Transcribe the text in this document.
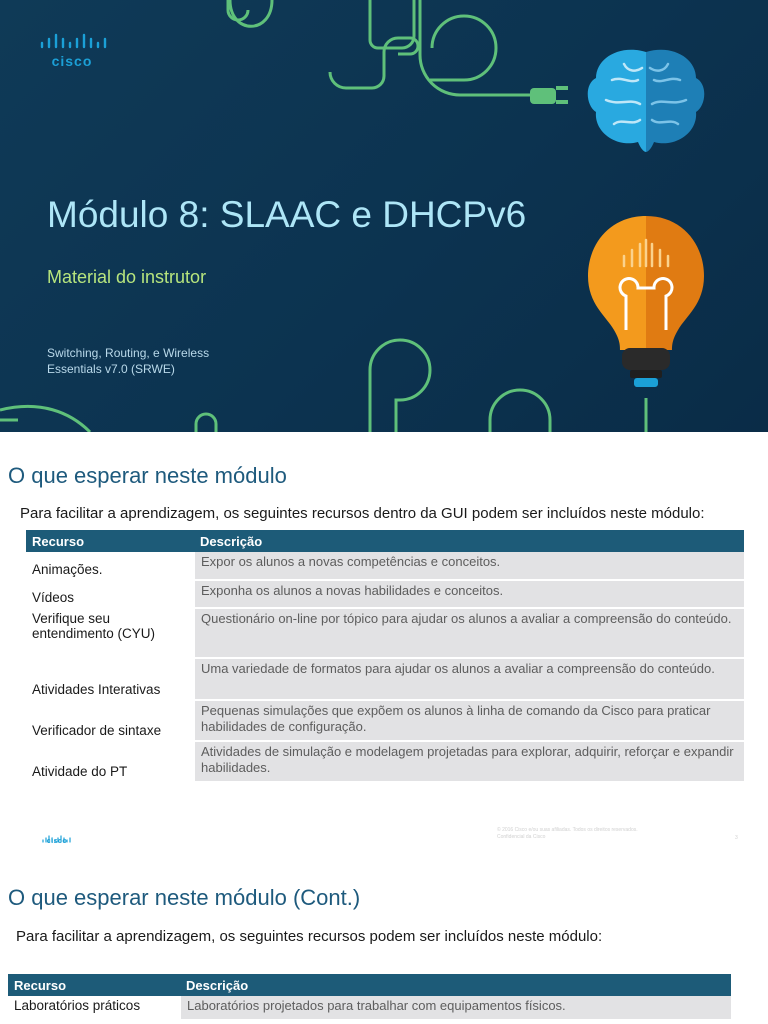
cisco
Módulo 8: SLAAC e DHCPv6
Material do instrutor

Switching, Routing, e Wireless

Essentials v7.0 (SRWE)

O que esperar neste módulo

Para facilitar a aprendizagem, os seguintes recursos dentro da GUI podem ser incluídos neste módulo:

Recurso	Descrição
Animações.	Expor os alunos a novas competências e conceitos.
Vídeos	Exponha os alunos a novas habilidades e conceitos.
Verifique seu entendimento (CYU)	Questionário on-line por tópico para ajudar os alunos a avaliar a compreensão do conteúdo.
Atividades Interativas	Uma variedade de formatos para ajudar os alunos a avaliar a compreensão do conteúdo.
Verificador de sintaxe	Pequenas simulações que expõem os alunos à linha de comando da Cisco para praticar habilidades de configuração.
Atividade do PT	Atividades de simulação e modelagem projetadas para explorar, adquirir, reforçar e expandir habilidades.
cisco

© 2016 Cisco e/ou suas afiliadas. Todos os direitos reservados.
Confidencial da Cisco	3

O que esperar neste módulo (Cont.)

Para facilitar a aprendizagem, os seguintes recursos podem ser incluídos neste módulo:

Recurso	Descrição
Laboratórios práticos	Laboratórios projetados para trabalhar com equipamentos físicos.
